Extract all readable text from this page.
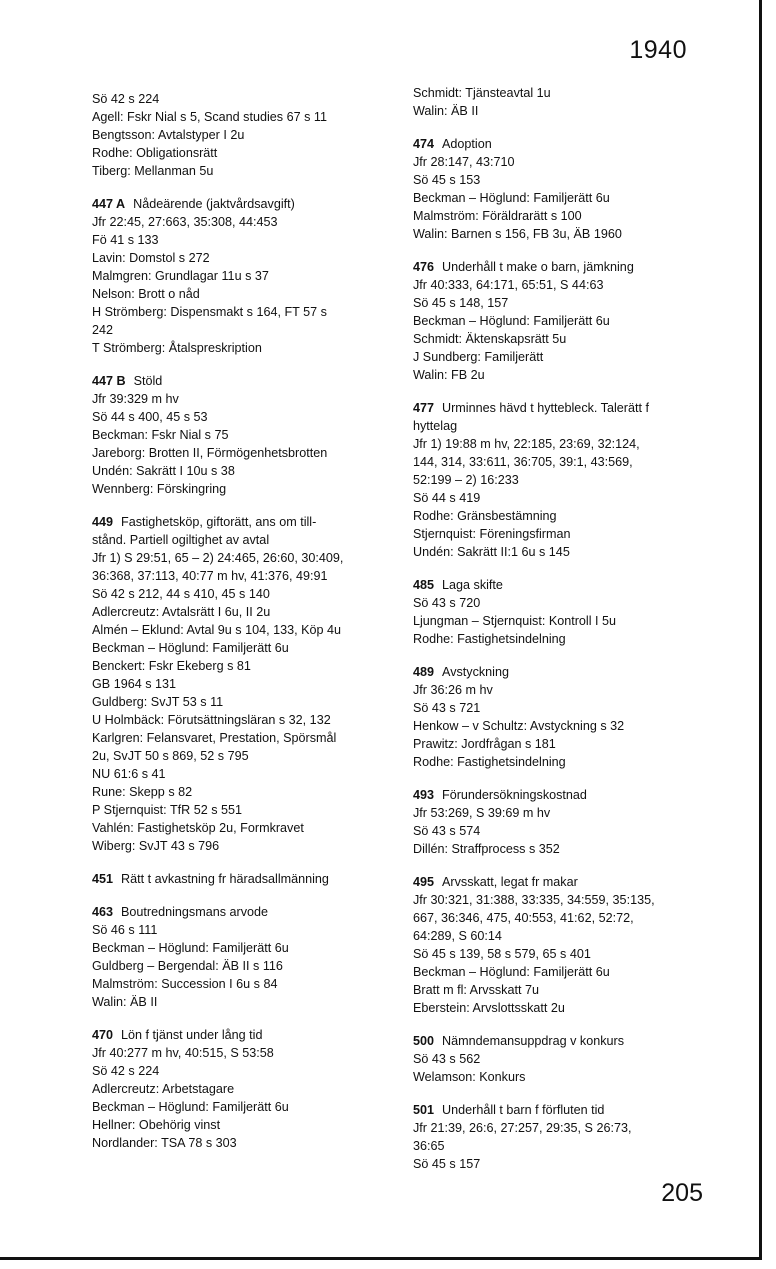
1940
Sö 42 s 224
Agell: Fskr Nial s 5, Scand studies 67 s 11
Bengtsson: Avtalstyper I 2u
Rodhe: Obligationsrätt
Tiberg: Mellanman 5u
447 A Nådeärende (jaktvårdsavgift)
Jfr 22:45, 27:663, 35:308, 44:453
Fö 41 s 133
Lavin: Domstol s 272
Malmgren: Grundlagar 11u s 37
Nelson: Brott o nåd
H Strömberg: Dispensmakt s 164, FT 57 s
242
T Strömberg: Åtalspreskription
447 B Stöld
Jfr 39:329 m hv
Sö 44 s 400, 45 s 53
Beckman: Fskr Nial s 75
Jareborg: Brotten II, Förmögenhetsbrotten
Undén: Sakrätt I 10u s 38
Wennberg: Förskingring
449 Fastighetsköp, giftorätt, ans om till-
stånd. Partiell ogiltighet av avtal
Jfr 1) S 29:51, 65 – 2) 24:465, 26:60, 30:409,
36:368, 37:113, 40:77 m hv, 41:376, 49:91
Sö 42 s 212, 44 s 410, 45 s 140
Adlercreutz: Avtalsrätt I 6u, II 2u
Almén – Eklund: Avtal 9u s 104, 133, Köp 4u
Beckman – Höglund: Familjerätt 6u
Benckert: Fskr Ekeberg s 81
GB 1964 s 131
Guldberg: SvJT 53 s 11
U Holmbäck: Förutsättningsläran s 32, 132
Karlgren: Felansvaret, Prestation, Spörsmål
2u, SvJT 50 s 869, 52 s 795
NU 61:6 s 41
Rune: Skepp s 82
P Stjernquist: TfR 52 s 551
Vahlén: Fastighetsköp 2u, Formkravet
Wiberg: SvJT 43 s 796
451 Rätt t avkastning fr häradsallmänning
463 Boutredningsmans arvode
Sö 46 s 111
Beckman – Höglund: Familjerätt 6u
Guldberg – Bergendal: ÄB II s 116
Malmström: Succession I 6u s 84
Walin: ÄB II
470 Lön f tjänst under lång tid
Jfr 40:277 m hv, 40:515, S 53:58
Sö 42 s 224
Adlercreutz: Arbetstagare
Beckman – Höglund: Familjerätt 6u
Hellner: Obehörig vinst
Nordlander: TSA 78 s 303
Schmidt: Tjänsteavtal 1u
Walin: ÄB II
474 Adoption
Jfr 28:147, 43:710
Sö 45 s 153
Beckman – Höglund: Familjerätt 6u
Malmström: Föräldrarätt s 100
Walin: Barnen s 156, FB 3u, ÄB 1960
476 Underhåll t make o barn, jämkning
Jfr 40:333, 64:171, 65:51, S 44:63
Sö 45 s 148, 157
Beckman – Höglund: Familjerätt 6u
Schmidt: Äktenskapsrätt 5u
J Sundberg: Familjerätt
Walin: FB 2u
477 Urminnes hävd t hyttebleck. Talerätt f
hyttelag
Jfr 1) 19:88 m hv, 22:185, 23:69, 32:124,
144, 314, 33:611, 36:705, 39:1, 43:569,
52:199 – 2) 16:233
Sö 44 s 419
Rodhe: Gränsbestämning
Stjernquist: Föreningsfirman
Undén: Sakrätt II:1 6u s 145
485 Laga skifte
Sö 43 s 720
Ljungman – Stjernquist: Kontroll I 5u
Rodhe: Fastighetsindelning
489 Avstyckning
Jfr 36:26 m hv
Sö 43 s 721
Henkow – v Schultz: Avstyckning s 32
Prawitz: Jordfrågan s 181
Rodhe: Fastighetsindelning
493 Förundersökningskostnad
Jfr 53:269, S 39:69 m hv
Sö 43 s 574
Dillén: Straffprocess s 352
495 Arvsskatt, legat fr makar
Jfr 30:321, 31:388, 33:335, 34:559, 35:135,
667, 36:346, 475, 40:553, 41:62, 52:72,
64:289, S 60:14
Sö 45 s 139, 58 s 579, 65 s 401
Beckman – Höglund: Familjerätt 6u
Bratt m fl: Arvsskatt 7u
Eberstein: Arvslottsskatt 2u
500 Nämndemansuppdrag v konkurs
Sö 43 s 562
Welamson: Konkurs
501 Underhåll t barn f förfluten tid
Jfr 21:39, 26:6, 27:257, 29:35, S 26:73,
36:65
Sö 45 s 157
205
